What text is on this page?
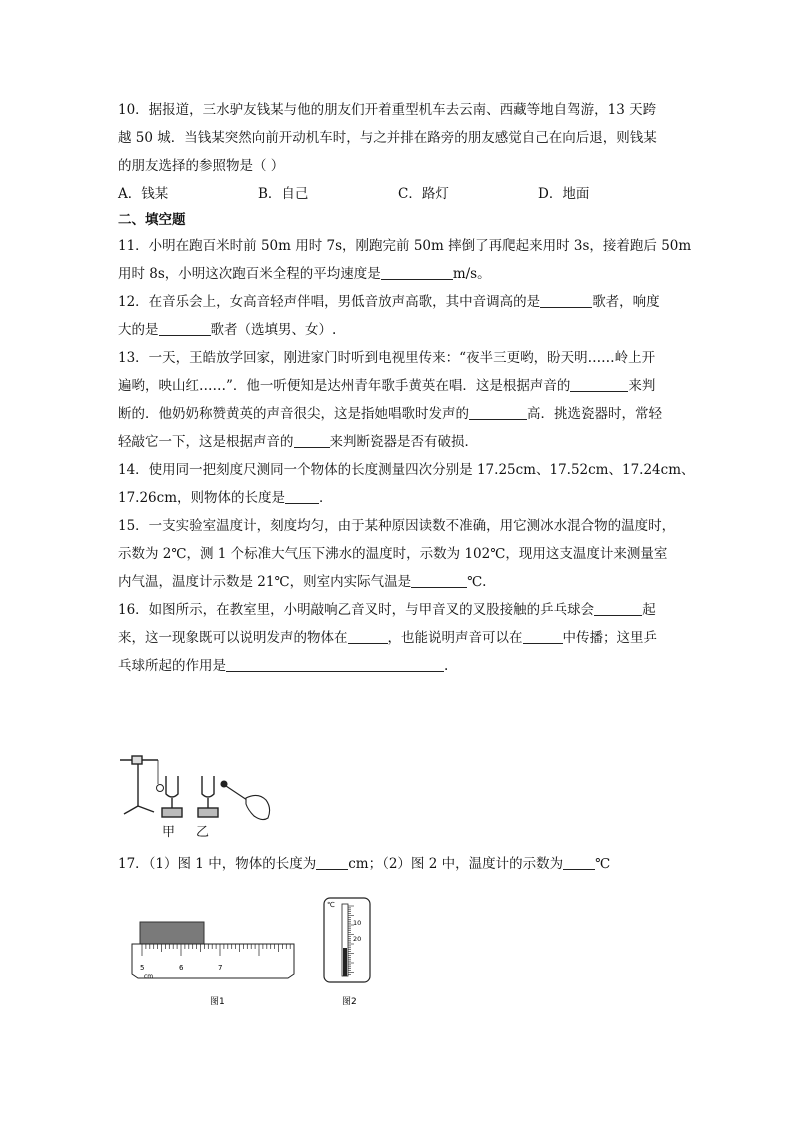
10．据报道，三水驴友钱某与他的朋友们开着重型机车去云南、西藏等地自驾游，13 天跨
越 50 城．当钱某突然向前开动机车时，与之并排在路旁的朋友感觉自己在向后退，则钱某
的朋友选择的参照物是（ ）
A．钱某	B．自己	C．路灯	D．地面
二、填空题
11．小明在跑百米时前 50m 用时 7s，刚跑完前 50m 摔倒了再爬起来用时 3s，接着跑后 50m
用时 8s，小明这次跑百米全程的平均速度是	m/s。
12．在音乐会上，女高音轻声伴唱，男低音放声高歌，其中音调高的是	歌者，响度
大的是	歌者（选填男、女）.
13．一天，王皓放学回家，刚进家门时听到电视里传来：“夜半三更哟，盼天明……岭上开
遍哟，映山红……”．他一听便知是达州青年歌手黄英在唱．这是根据声音的	来判
断的．他奶奶称赞黄英的声音很尖，这是指她唱歌时发声的	高．挑选瓷器时，常轻
轻敲它一下，这是根据声音的	来判断瓷器是否有破损．
14．使用同一把刻度尺测同一个物体的长度测量四次分别是 17.25cm、17.52cm、17.24cm、
17.26cm，则物体的长度是	．
15．一支实验室温度计，刻度均匀，由于某种原因读数不准确，用它测冰水混合物的温度时，
示数为 2℃，测 1 个标准大气压下沸水的温度时，示数为 102℃，现用这支温度计来测量室
内气温，温度计示数是 21℃，则室内实际气温是	℃.
16．如图所示，在教室里，小明敲响乙音叉时，与甲音叉的叉股接触的乒乓球会	起
来，这一现象既可以说明发声的物体在	，也能说明声音可以在	中传播；这里乒
乓球所起的作用是	.
甲 乙
17．（1）图 1 中，物体的长度为 cm；（2）图 2 中，温度计的示数为 ℃
5	6	7
cm
图1
℃
10
20
图2
